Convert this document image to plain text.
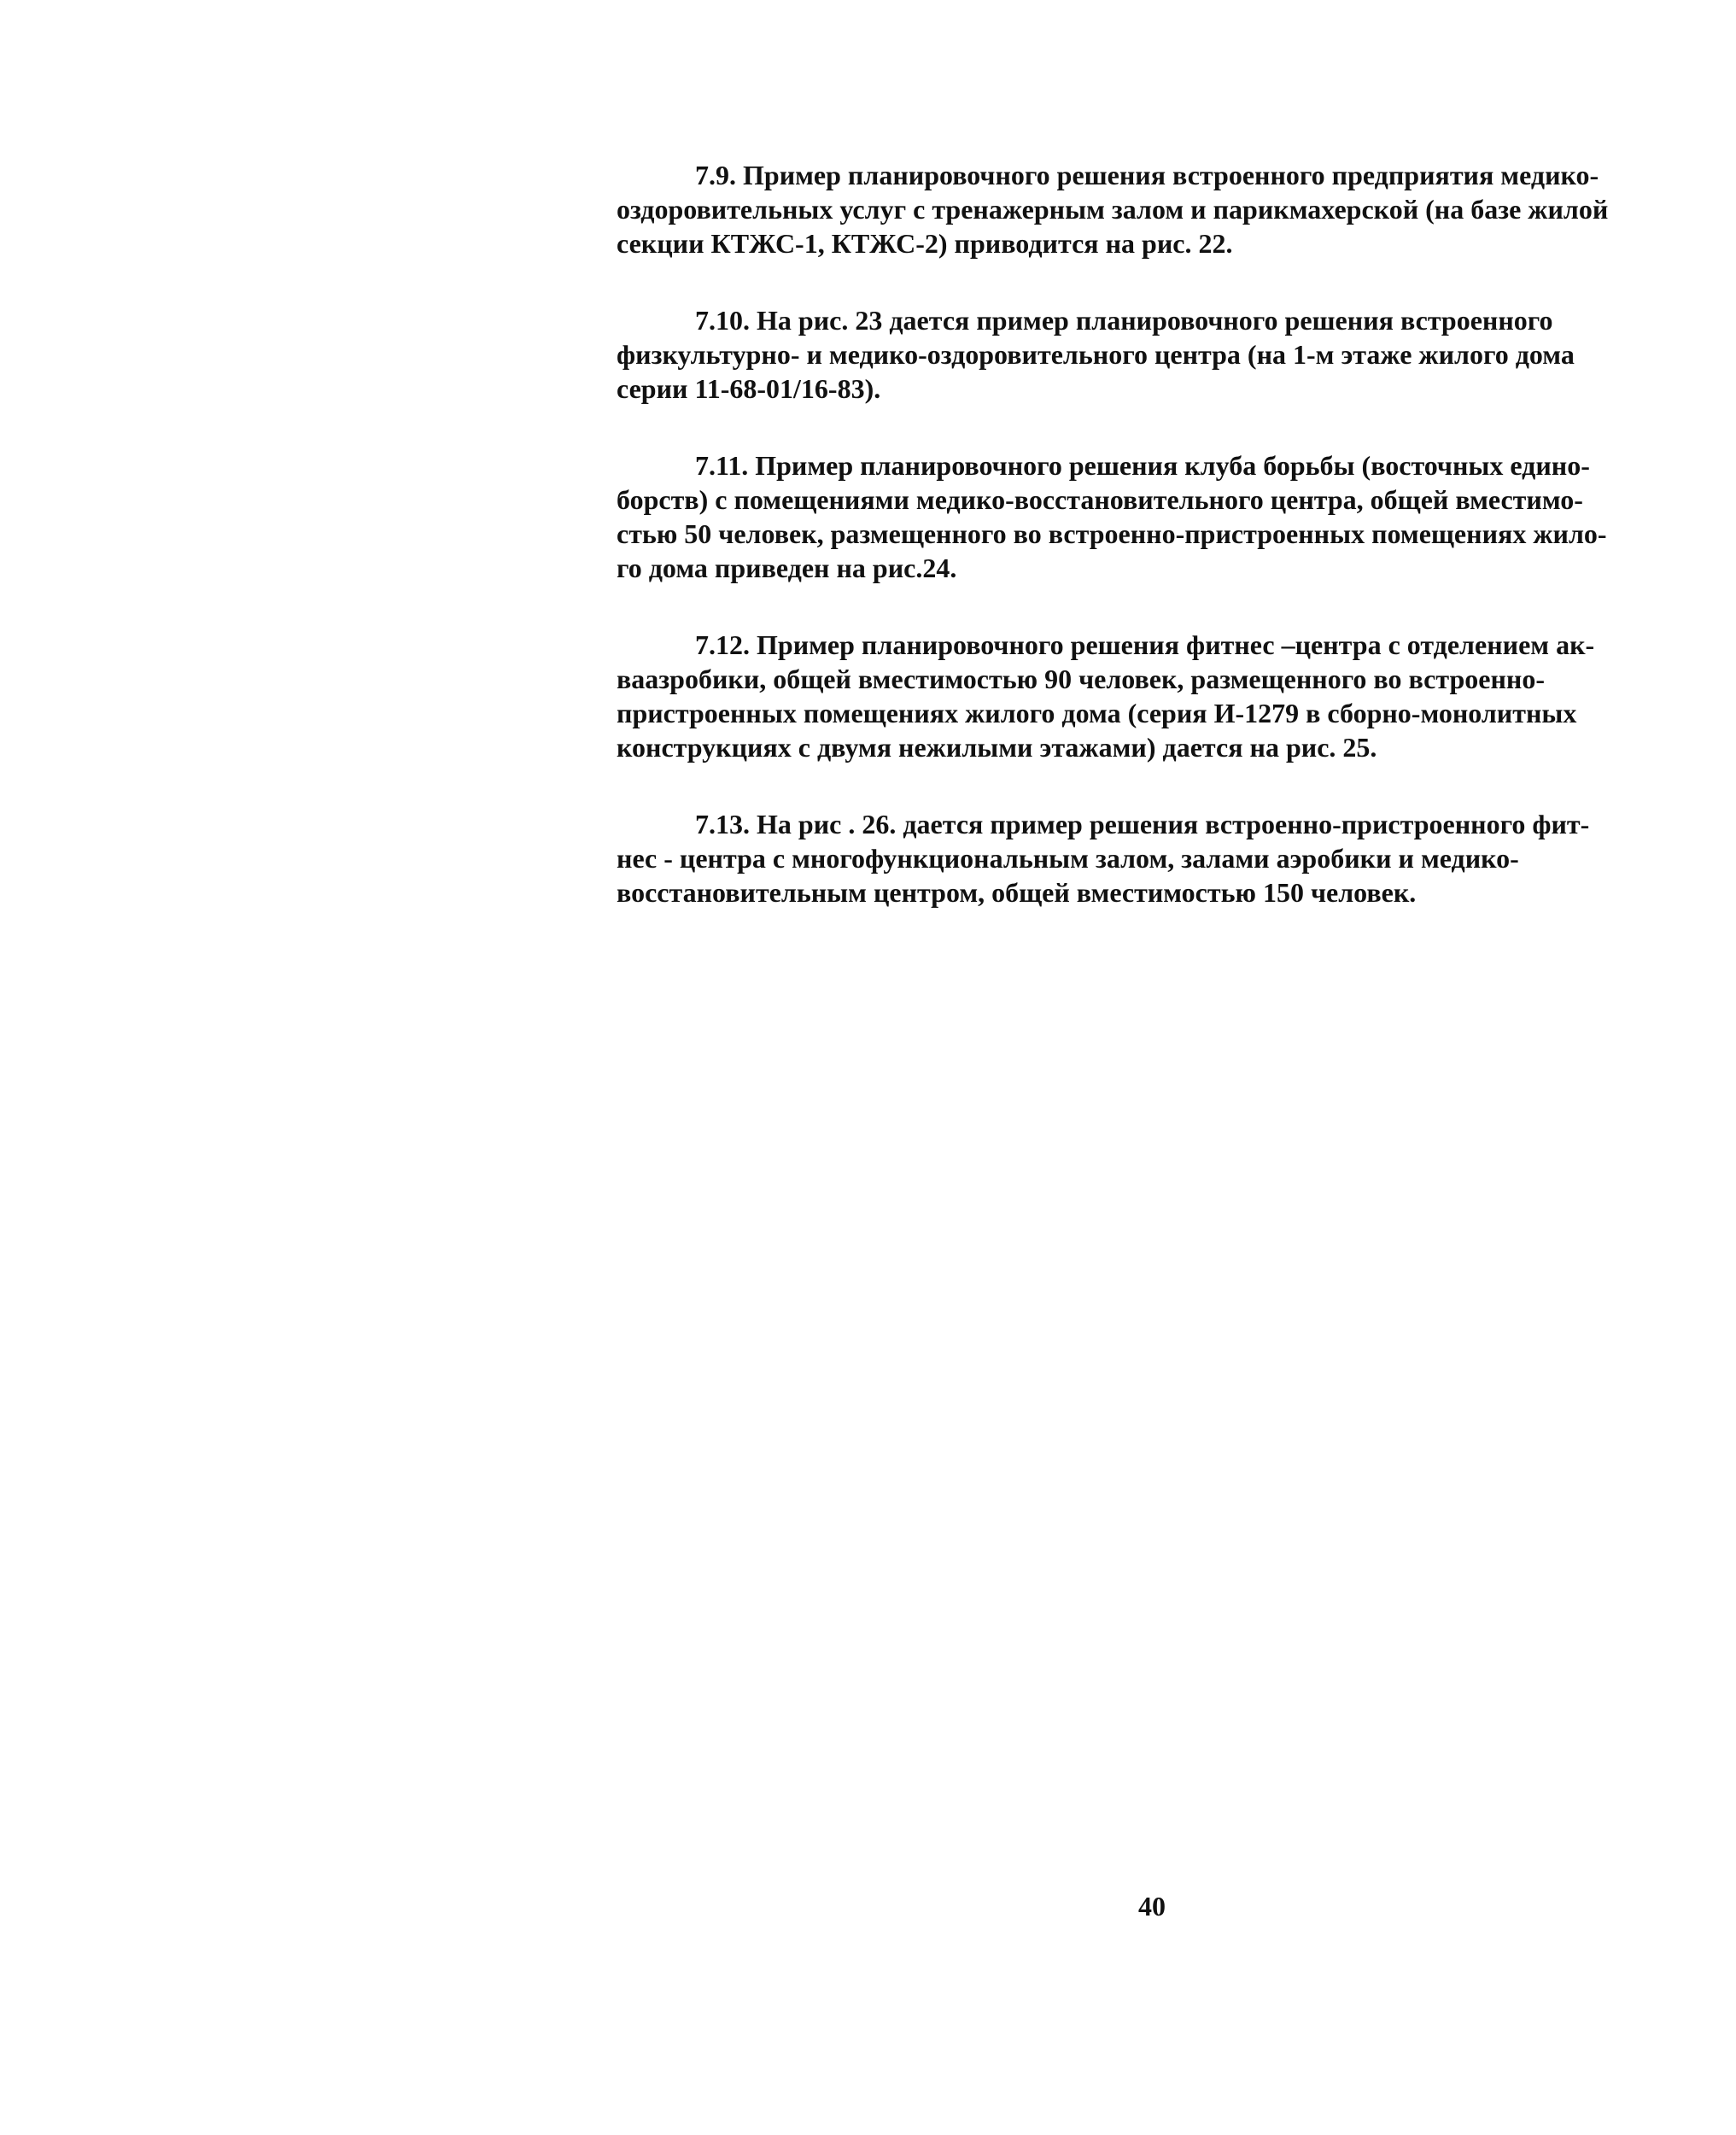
7.9. Пример планировочного решения встроенного предприятия медико-
оздоровительных услуг с тренажерным залом и парикмахерской (на базе жилой
секции КТЖС-1, КТЖС-2) приводится на рис. 22.

7.10. На рис. 23 дается пример планировочного решения встроенного
физкультурно- и медико-оздоровительного центра (на 1-м этаже жилого дома
серии 11-68-01/16-83).

7.11. Пример планировочного решения клуба борьбы (восточных едино-
борств) с помещениями медико-восстановительного центра, общей вместимо-
стью 50 человек, размещенного во встроенно-пристроенных помещениях жило-
го дома приведен на рис.24.

7.12. Пример планировочного решения фитнес –центра с отделением ак-
ваазробики, общей вместимостью 90 человек, размещенного во встроенно-
пристроенных помещениях жилого дома (серия И-1279 в сборно-монолитных
конструкциях с двумя нежилыми этажами) дается на рис. 25.

7.13. На рис . 26. дается пример решения встроенно-пристроенного фит-
нес - центра с многофункциональным залом, залами аэробики и медико-
восстановительным центром, общей вместимостью 150 человек.

40
